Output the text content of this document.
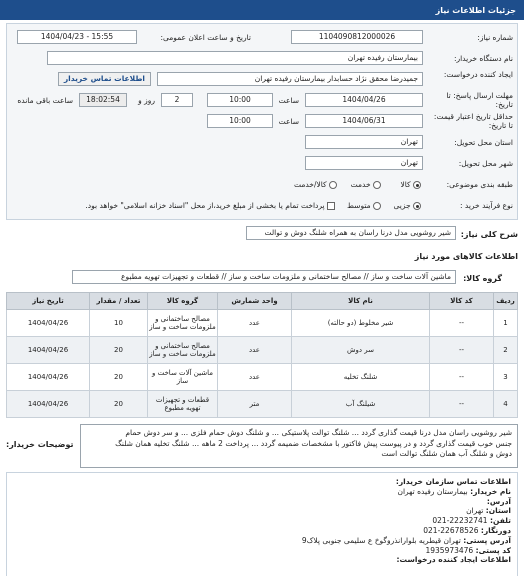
جزئیات اطلاعات نیاز
شماره نیاز:
1104090812000026
تاریخ و ساعت اعلان عمومی:
1404/04/23 - 15:55
نام دستگاه خریدار:
بیمارستان رفیده تهران
ایجاد کننده درخواست:
جمیدرضا محقق نژاد حسابدار بیمارستان رفیده تهران
اطلاعات تماس خریدار
مهلت ارسال پاسخ: تا تاریخ:
1404/04/26
ساعت
10:00
2
روز و
18:02:54
ساعت باقی مانده
حداقل تاریخ اعتبار قیمت: تا تاریخ:
1404/06/31
ساعت
10:00
استان محل تحویل:
تهران
شهر محل تحویل:
تهران
طبقه بندی موضوعی:
کالا
خدمت
کالا/خدمت
نوع فرآیند خرید :
جزیی
متوسط
پرداخت تمام یا بخشی از مبلغ خرید،از محل "اسناد خزانه اسلامی" خواهد بود.
شرح کلی نیاز:
شیر روشویی مدل درنا راسان به همراه شلنگ دوش و توالت
اطلاعات کالاهای مورد نیاز
گروه کالا:
ماشین آلات ساخت و ساز // مصالح ساختمانی و ملزومات ساخت و ساز // قطعات و تجهیزات تهویه مطبوع
ردیف	کد کالا	نام کالا	واحد شمارش	گروه کالا	تعداد / مقدار	تاریخ نیاز
1	--	شیر مخلوط (دو حالته)	عدد	مصالح ساختمانی و ملزومات ساخت و ساز	10	1404/04/26
2	--	سر دوش	عدد	مصالح ساختمانی و ملزومات ساخت و ساز	20	1404/04/26
3	--	شلنگ تخلیه	عدد	ماشین آلات ساخت و ساز	20	1404/04/26
4	--	شیلنگ آب	متر	قطعات و تجهیزات تهویه مطبوع	20	1404/04/26
شیر روشویی راسان مدل درنا قیمت گذاری گردد ... شلنگ توالت پلاستیکی ... و شلنگ دوش حمام فلزی ... و سر دوش حمام
جنس خوب قیمت گذاری گردد و در پیوست پیش فاکتور با مشخصات ضمیمه گردد ... پرداخت 2 ماهه ... شلنگ تخلیه همان شلنگ
دوش و شلنگ آب همان شلنگ توالت است
توضیحات خریدار:
اطلاعات تماس سازمان خریدار:
نام خریدار: بیمارستان رفیده تهران
آدرس:
استان: تهران
تلفن: 021-22232741
دورنگار: 021-22678526
آدرس پستی: تهران قیطریه بلوارانذروگوخ ع سلیمی جنوبی پلاک9
کد پستی: 1935973476
اطلاعات ایجاد کننده درخواست:
